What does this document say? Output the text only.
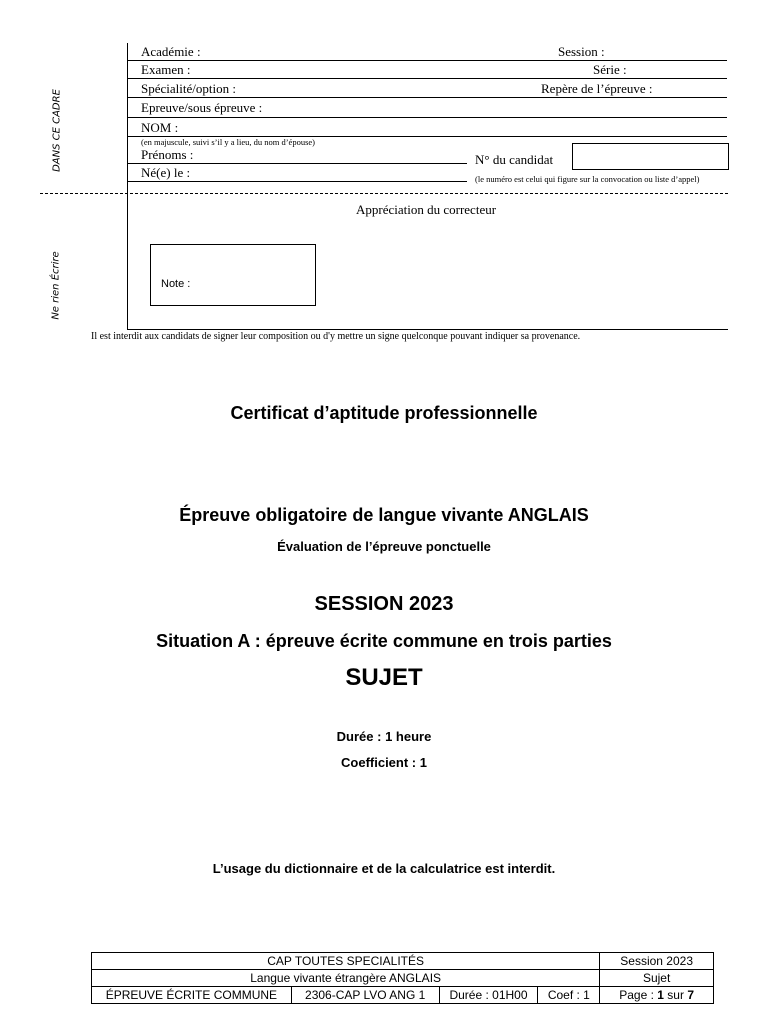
DANS CE CADRE
Ne rien Écrire
Académie :	Session :
Examen :	Série :
Spécialité/option :	Repère de l’épreuve :
Epreuve/sous épreuve :
NOM :
(en majuscule, suivi s’il y a lieu, du nom d’épouse)
Prénoms :	N° du candidat
(le numéro est celui qui figure sur la convocation ou liste d’appel)
Né(e) le :
Appréciation du correcteur
Note :
Il est interdit aux candidats de signer leur composition ou d'y mettre un signe quelconque pouvant indiquer sa provenance.
Certificat d’aptitude professionnelle
Épreuve obligatoire de langue vivante ANGLAIS
Évaluation de l’épreuve ponctuelle
SESSION 2023
Situation A : épreuve écrite commune en trois parties
SUJET
Durée : 1 heure
Coefficient : 1
L’usage du dictionnaire et de la calculatrice est interdit.
CAP TOUTES SPECIALITÉS				Session 2023
Langue vivante étrangère ANGLAIS				Sujet
ÉPREUVE ÉCRITE COMMUNE	2306-CAP LVO ANG 1	Durée : 01H00	Coef : 1	Page : 1 sur 7
